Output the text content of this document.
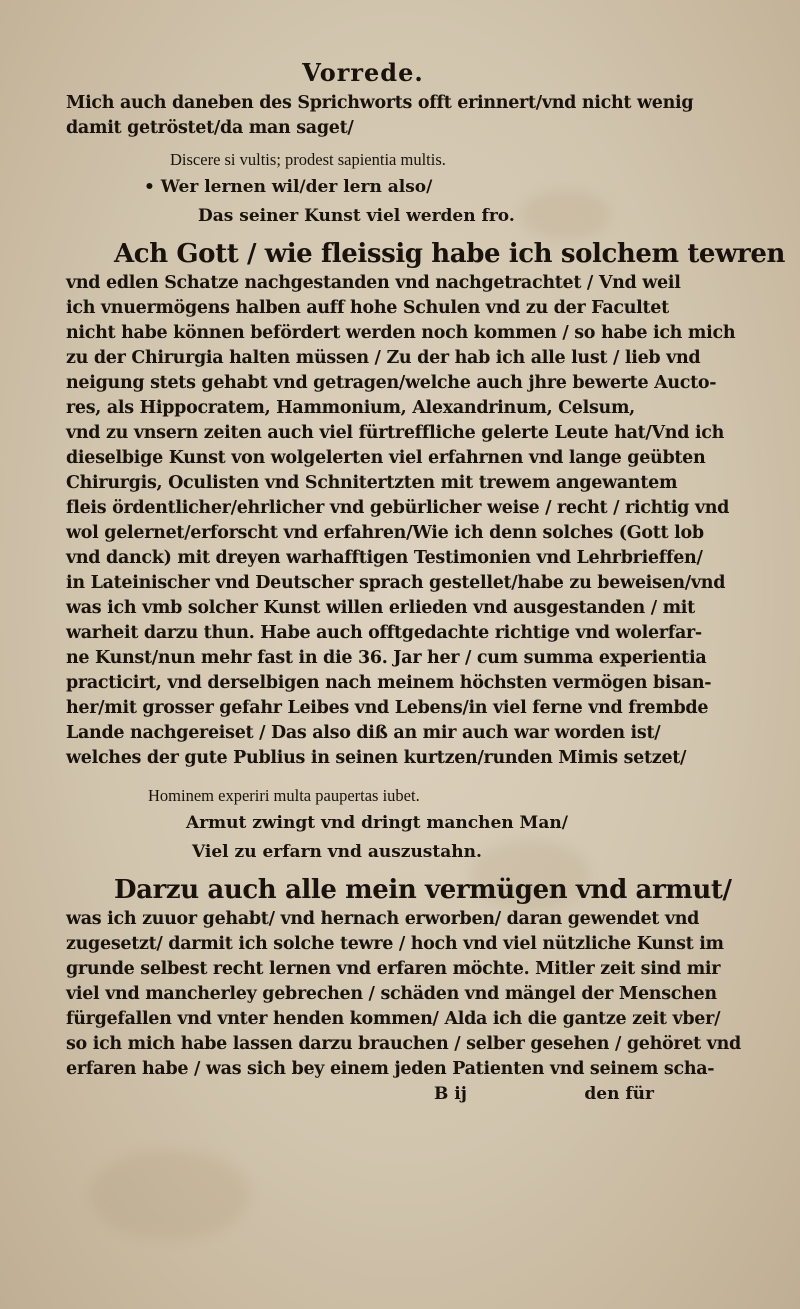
Vorrede.
Mich auch daneben des Sprichworts offt erinnert/vnd nicht wenig
damit getröstet/da man saget/
Discere si vultis; prodest sapientia multis.
• Wer lernen wil/der lern also/
Das seiner Kunst viel werden fro.
Ach Gott / wie fleissig habe ich solchem tewren
vnd edlen Schatze nachgestanden vnd nachgetrachtet / Vnd weil
ich vnuermögens halben auff hohe Schulen vnd zu der Facultet
nicht habe können befördert werden noch kommen / so habe ich mich
zu der Chirurgia halten müssen / Zu der hab ich alle lust / lieb vnd
neigung stets gehabt vnd getragen/welche auch jhre bewerte Aucto-
res, als Hippocratem, Hammonium, Alexandrinum, Celsum,
vnd zu vnsern zeiten auch viel fürtreffliche gelerte Leute hat/Vnd ich
dieselbige Kunst von wolgelerten viel erfahrnen vnd lange geübten
Chirurgis, Oculisten vnd Schnitertzten mit trewem angewantem
fleis ördentlicher/ehrlicher vnd gebürlicher weise / recht / richtig vnd
wol gelernet/erforscht vnd erfahren/Wie ich denn solches (Gott lob
vnd danck) mit dreyen warhafftigen Testimonien vnd Lehrbrieffen/
in Lateinischer vnd Deutscher sprach gestellet/habe zu beweisen/vnd
was ich vmb solcher Kunst willen erlieden vnd ausgestanden / mit
warheit darzu thun. Habe auch offtgedachte richtige vnd wolerfar-
ne Kunst/nun mehr fast in die 36. Jar her / cum summa experientia
practicirt, vnd derselbigen nach meinem höchsten vermögen bisan-
her/mit grosser gefahr Leibes vnd Lebens/in viel ferne vnd frembde
Lande nachgereiset / Das also diß an mir auch war worden ist/
welches der gute Publius in seinen kurtzen/runden Mimis setzet/
Hominem experiri multa paupertas iubet.
Armut zwingt vnd dringt manchen Man/
Viel zu erfarn vnd auszustahn.
Darzu auch alle mein vermügen vnd armut/
was ich zuuor gehabt/ vnd hernach erworben/ daran gewendet vnd
zugesetzt/ darmit ich solche tewre / hoch vnd viel nützliche Kunst im
grunde selbest recht lernen vnd erfaren möchte. Mitler zeit sind mir
viel vnd mancherley gebrechen / schäden vnd mängel der Menschen
fürgefallen vnd vnter henden kommen/ Alda ich die gantze zeit vber/
so ich mich habe lassen darzu brauchen / selber gesehen / gehöret vnd
erfaren habe / was sich bey einem jeden Patienten vnd seinem scha-
B ij	den für
